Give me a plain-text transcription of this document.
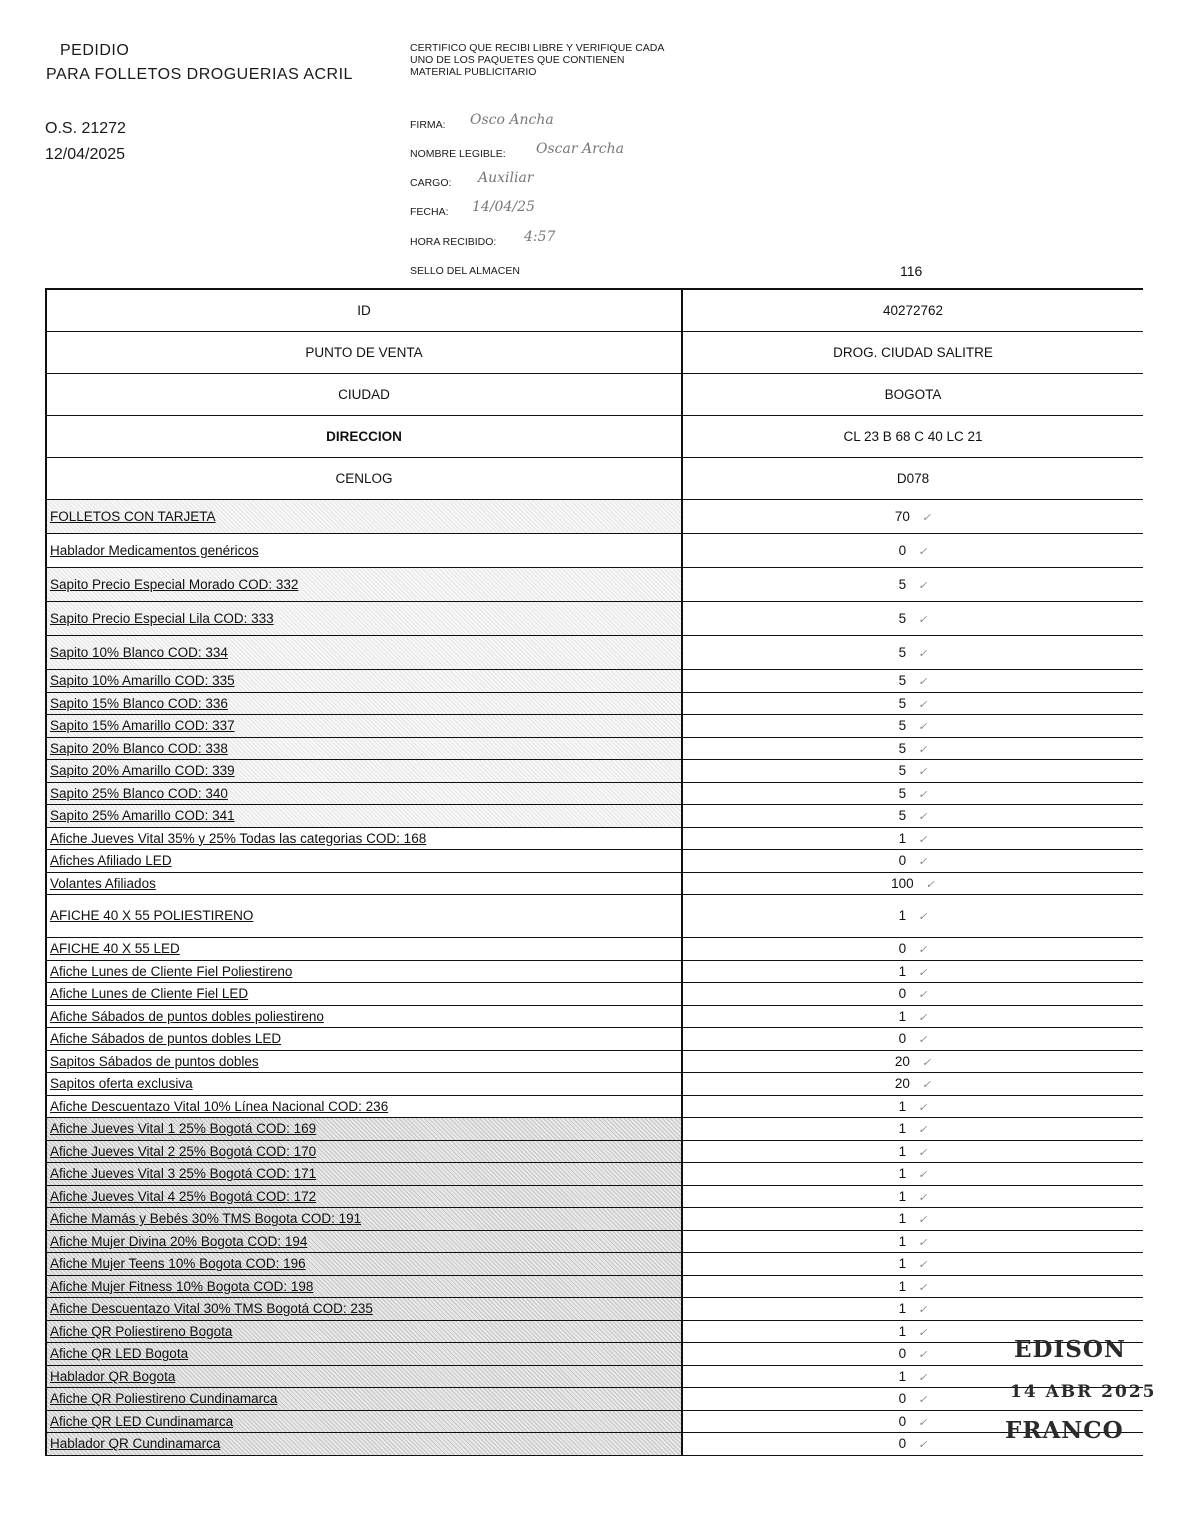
PEDIDIO
PARA FOLLETOS DROGUERIAS ACRIL
O.S. 21272
12/04/2025
CERTIFICO QUE RECIBI LIBRE Y VERIFIQUE CADA UNO DE LOS PAQUETES QUE CONTIENEN MATERIAL PUBLICITARIO
FIRMA: Osco Ancha
NOMBRE LEGIBLE: Oscar Archa
CARGO: Auxiliar
FECHA: 14/04/25
HORA RECIBIDO: 4:57
SELLO DEL ALMACEN	116
ID	40272762
PUNTO DE VENTA	DROG. CIUDAD SALITRE
CIUDAD	BOGOTA
DIRECCION	CL 23 B 68 C 40 LC 21
CENLOG	D078
FOLLETOS CON TARJETA	70 ✓
Hablador Medicamentos genéricos	0 ✓
Sapito Precio Especial Morado COD: 332	5 ✓
Sapito Precio Especial Lila COD: 333	5 ✓
Sapito 10% Blanco COD: 334	5 ✓
Sapito 10% Amarillo COD: 335	5 ✓
Sapito 15% Blanco COD: 336	5 ✓
Sapito 15% Amarillo COD: 337	5 ✓
Sapito 20% Blanco COD: 338	5 ✓
Sapito 20% Amarillo COD: 339	5 ✓
Sapito 25% Blanco COD: 340	5 ✓
Sapito 25% Amarillo COD: 341	5 ✓
Afiche Jueves Vital 35% y 25% Todas las categorias COD: 168	1 ✓
Afiches Afiliado LED	0 ✓
Volantes Afiliados	100 ✓
AFICHE 40 X 55 POLIESTIRENO	1 ✓
AFICHE 40 X 55 LED	0 ✓
Afiche Lunes de Cliente Fiel Poliestireno	1 ✓
Afiche Lunes de Cliente Fiel LED	0 ✓
Afiche Sábados de puntos dobles poliestireno	1 ✓
Afiche Sábados de puntos dobles LED	0 ✓
Sapitos Sábados de puntos dobles	20 ✓
Sapitos oferta exclusiva	20 ✓
Afiche Descuentazo Vital 10% Línea Nacional COD: 236	1 ✓
Afiche Jueves Vital 1 25% Bogotá COD: 169	1 ✓
Afiche Jueves Vital 2 25% Bogotá COD: 170	1 ✓
Afiche Jueves Vital 3 25% Bogotá COD: 171	1 ✓
Afiche Jueves Vital 4 25% Bogotá COD: 172	1 ✓
Afiche Mamás y Bebés 30% TMS Bogota COD: 191	1 ✓
Afiche Mujer Divina 20% Bogota COD: 194	1 ✓
Afiche Mujer Teens 10% Bogota COD: 196	1 ✓
Afiche Mujer Fitness 10% Bogota COD: 198	1 ✓
Afiche Descuentazo Vital 30% TMS Bogotá COD: 235	1 ✓
Afiche QR Poliestireno Bogota	1 ✓
Afiche QR LED Bogota	0 ✓
Hablador QR Bogota	1 ✓
Afiche QR Poliestireno Cundinamarca	0 ✓
Afiche QR LED Cundinamarca	0 ✓
Hablador QR Cundinamarca	0 ✓
EDISON
14 ABR 2025
FRANCO
